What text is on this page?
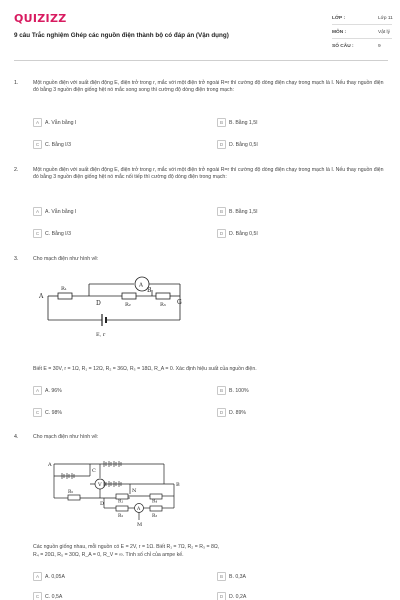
QUIZIZZ
9 câu Trắc nghiệm Ghép các nguồn điện thành bộ có đáp án (Vận dụng)
LỚP :	Lớp 11
MÔN :	Vật lý
SỐ CÂU :	9
1.	Một nguồn điện với suất điện động E, điện trở trong r, mắc với một điện trở ngoài R=r thì cường độ dòng điện chạy trong mạch là I. Nếu thay nguồn điện đó bằng 3 nguồn điện giống hệt nó mắc song song thì cường độ dòng điện trong mạch:
A	A. Vẫn bằng I	B	B. Bằng 1,5I
C	C. Bằng I/3	D	D. Bằng 0,5I
2.	Một nguồn điện với suất điện động E, điện trở trong r, mắc với một điện trở ngoài R=r thì cường độ dòng điện chạy trong mạch là I. Nếu thay nguồn điện đó bằng 3 nguồn điện giống hệt nó mắc nối tiếp thì cường độ dòng điện trong mạch:
A	A. Vẫn bằng I	B	B. Bằng 1,5I
C	C. Bằng I/3	D	D. Bằng 0,5I
3.	Cho mạch điện như hình vẽ:
A
R₁
A
B
D	R₂	R₃ G
E, r
Biết E = 30V, r = 1Ω, R₁ = 12Ω, R₂ = 36Ω, R₃ = 18Ω, R_A = 0. Xác định hiệu suất của nguồn điện.
A	A. 96%	B	B. 100%
C	C. 98%	D	D. 89%
4.	Cho mạch điện như hình vẽ:
A
C
B
V
R₅
D
N
R₁	R₄
A
R₂	R₃
M
Các nguồn giống nhau, mỗi nguồn có E = 2V, r = 1Ω. Biết R₁ = 7Ω, R₂ = R₃ = 8Ω,
R₄ = 20Ω, R₅ = 30Ω, R_A = 0, R_V = ∞. Tính số chỉ của ampe kế.
A	A. 0,05A	B	B. 0,3A
C	C. 0,5A	D	D. 0,2A
